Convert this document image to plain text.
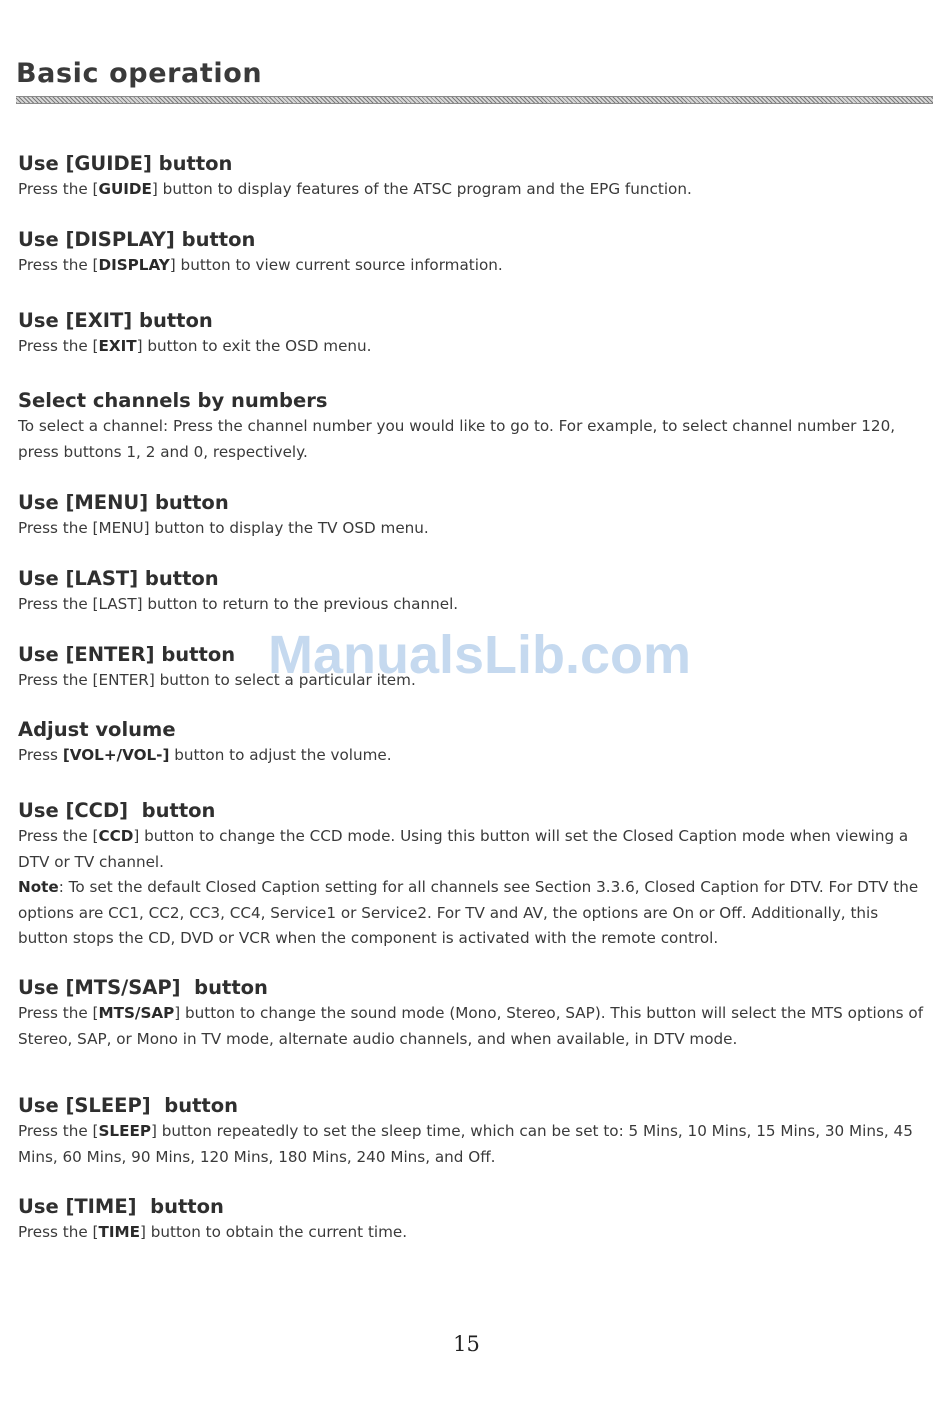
Basic operation
Use [GUIDE] button

Press the [GUIDE] button to display features of the ATSC program and the EPG function.

Use [DISPLAY] button

Press the [DISPLAY] button to view current source information.

Use [EXIT] button

Press the [EXIT] button to exit the OSD menu.

Select channels by numbers

To select a channel: Press the channel number you would like to go to. For example, to select channel number 120, press buttons 1, 2 and 0, respectively.

Use [MENU] button

Press the [MENU] button to display the TV OSD menu.

Use [LAST] button

Press the [LAST] button to return to the previous channel.

Use [ENTER] button

Press the [ENTER] button to select a particular item.

Adjust volume

Press [VOL+/VOL-] button to adjust the volume.

Use [CCD]  button

Press the [CCD] button to change the CCD mode. Using this button will set the Closed Caption mode when viewing a DTV or TV channel.
Note: To set the default Closed Caption setting for all channels see Section 3.3.6, Closed Caption for DTV. For DTV the options are CC1, CC2, CC3, CC4, Service1 or Service2. For TV and AV, the options are On or Off. Additionally, this button stops the CD, DVD or VCR when the component is activated with the remote control.

Use [MTS/SAP]  button

Press the [MTS/SAP] button to change the sound mode (Mono, Stereo, SAP). This button will select the MTS options of Stereo, SAP, or Mono in TV mode, alternate audio channels, and when available, in DTV mode.

Use [SLEEP]  button

Press the [SLEEP] button repeatedly to set the sleep time, which can be set to: 5 Mins, 10 Mins, 15 Mins, 30 Mins, 45 Mins, 60 Mins, 90 Mins, 120 Mins, 180 Mins, 240 Mins, and Off.

Use [TIME]  button

Press the [TIME] button to obtain the current time.

ManualsLib.com
15
